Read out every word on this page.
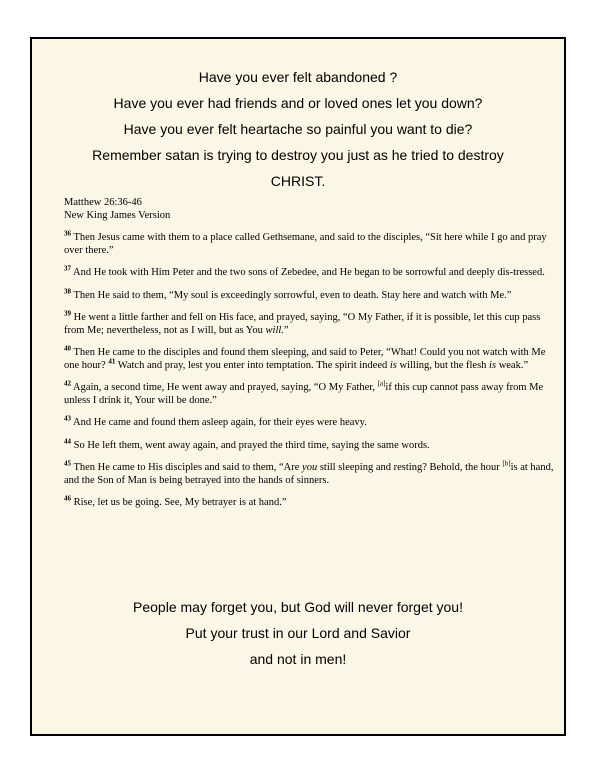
Have you ever felt abandoned ?
Have you ever had friends and or loved ones let you down?
Have you ever felt heartache so painful you want to die?
Remember satan is trying to destroy you just as he tried to destroy
CHRIST.

Matthew 26:36-46
New King James Version

$^{36}$ Then Jesus came with them to a place called Gethsemane, and said to the disciples, “Sit here while I go and pray over there.”

$^{37}$ And He took with Him Peter and the two sons of Zebedee, and He began to be sorrowful and deeply dis-tressed.

$^{38}$ Then He said to them, “My soul is exceedingly sorrowful, even to death. Stay here and watch with Me.”

$^{39}$ He went a little farther and fell on His face, and prayed, saying, “O My Father, if it is possible, let this cup pass from Me; nevertheless, not as I will, but as You will.”

$^{40}$ Then He came to the disciples and found them sleeping, and said to Peter, “What! Could you not watch with Me one hour? $^{41}$ Watch and pray, lest you enter into temptation. The spirit indeed is willing, but the flesh is weak.”

$^{42}$ Again, a second time, He went away and prayed, saying, “O My Father, [a]if this cup cannot pass away from Me unless I drink it, Your will be done.”

$^{43}$ And He came and found them asleep again, for their eyes were heavy.

$^{44}$ So He left them, went away again, and prayed the third time, saying the same words.

$^{45}$ Then He came to His disciples and said to them, “Are you still sleeping and resting? Behold, the hour [b]is at hand, and the Son of Man is being betrayed into the hands of sinners.

$^{46}$ Rise, let us be going. See, My betrayer is at hand.”

People may forget you, but God will never forget you!
Put your trust in our Lord and Savior
and not in men!
